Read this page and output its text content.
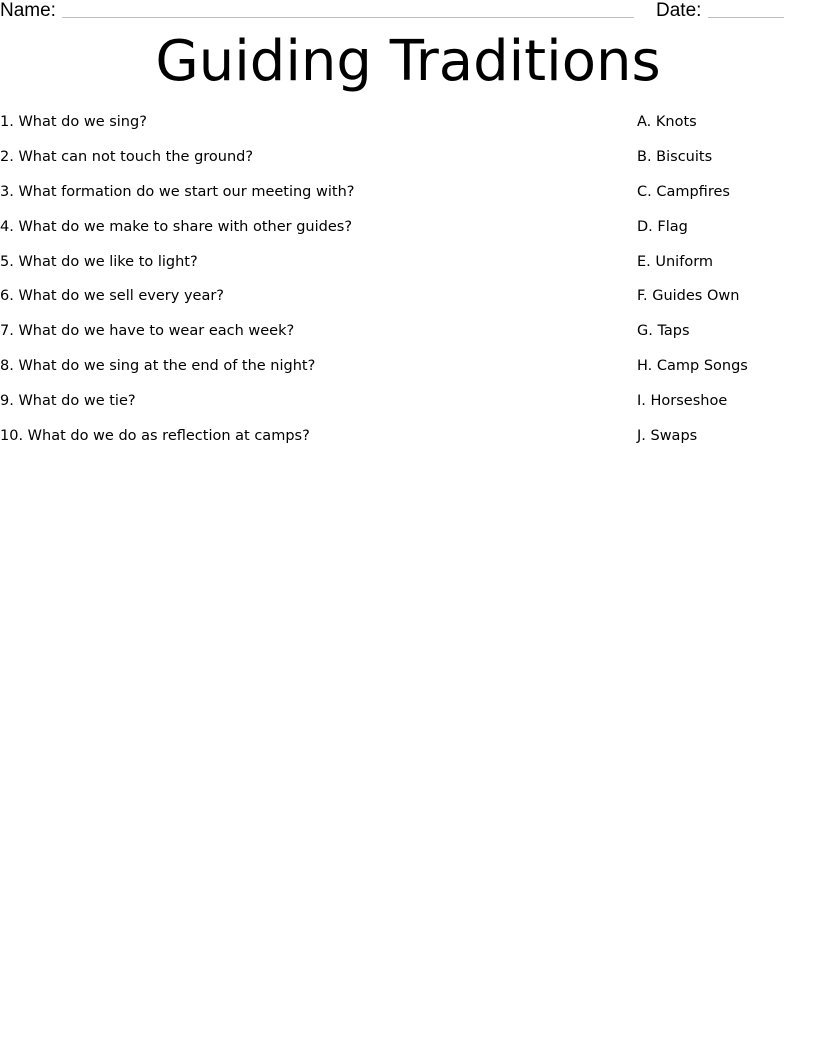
Name:	Date:
Guiding Traditions
1. What do we sing?
2. What can not touch the ground?
3. What formation do we start our meeting with?
4. What do we make to share with other guides?
5. What do we like to light?
6. What do we sell every year?
7. What do we have to wear each week?
8. What do we sing at the end of the night?
9. What do we tie?
10. What do we do as reflection at camps?
A. Knots
B. Biscuits
C. Campfires
D. Flag
E. Uniform
F. Guides Own
G. Taps
H. Camp Songs
I. Horseshoe
J. Swaps
